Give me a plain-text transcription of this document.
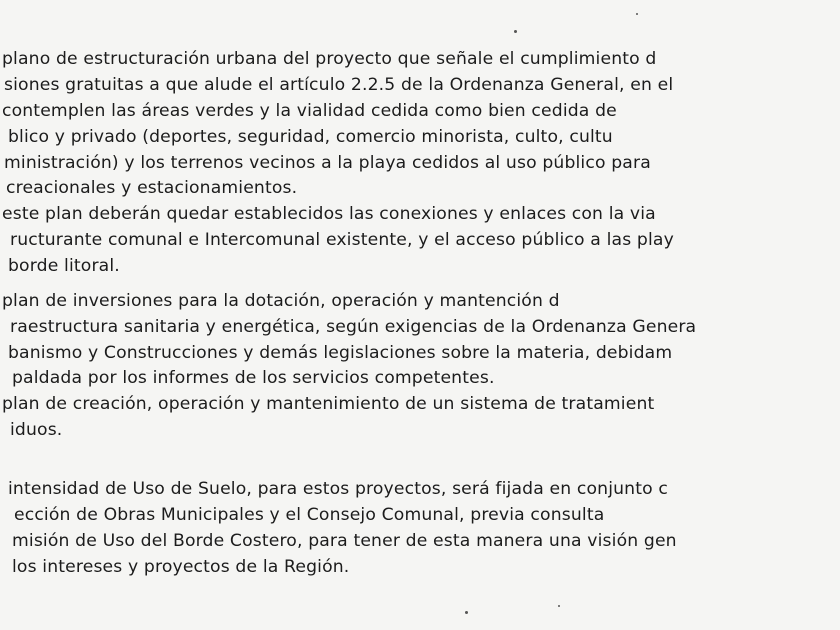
plano de estructuración urbana del proyecto que señale el cumplimiento d
siones gratuitas a que alude el artículo 2.2.5 de la Ordenanza General, en el
contemplen las áreas verdes y la vialidad cedida como bien cedida de
blico y privado (deportes, seguridad, comercio minorista, culto, cultu
ministración) y los terrenos vecinos a la playa cedidos al uso público para
creacionales y estacionamientos.
este plan deberán quedar establecidos las conexiones y enlaces con la via
ructurante comunal e Intercomunal existente, y el acceso público a las play
borde litoral.
plan de inversiones para la dotación, operación y mantención d
raestructura sanitaria y energética, según exigencias de la Ordenanza Genera
banismo y Construcciones y demás legislaciones sobre la materia, debidam
paldada por los informes de los servicios competentes.
plan de creación, operación y mantenimiento de un sistema de tratamient
iduos.
intensidad de Uso de Suelo, para estos proyectos, será fijada en conjunto c
ección de Obras Municipales y el Consejo Comunal, previa consulta
misión de Uso del Borde Costero, para tener de esta manera una visión gen
los intereses y proyectos de la Región.
